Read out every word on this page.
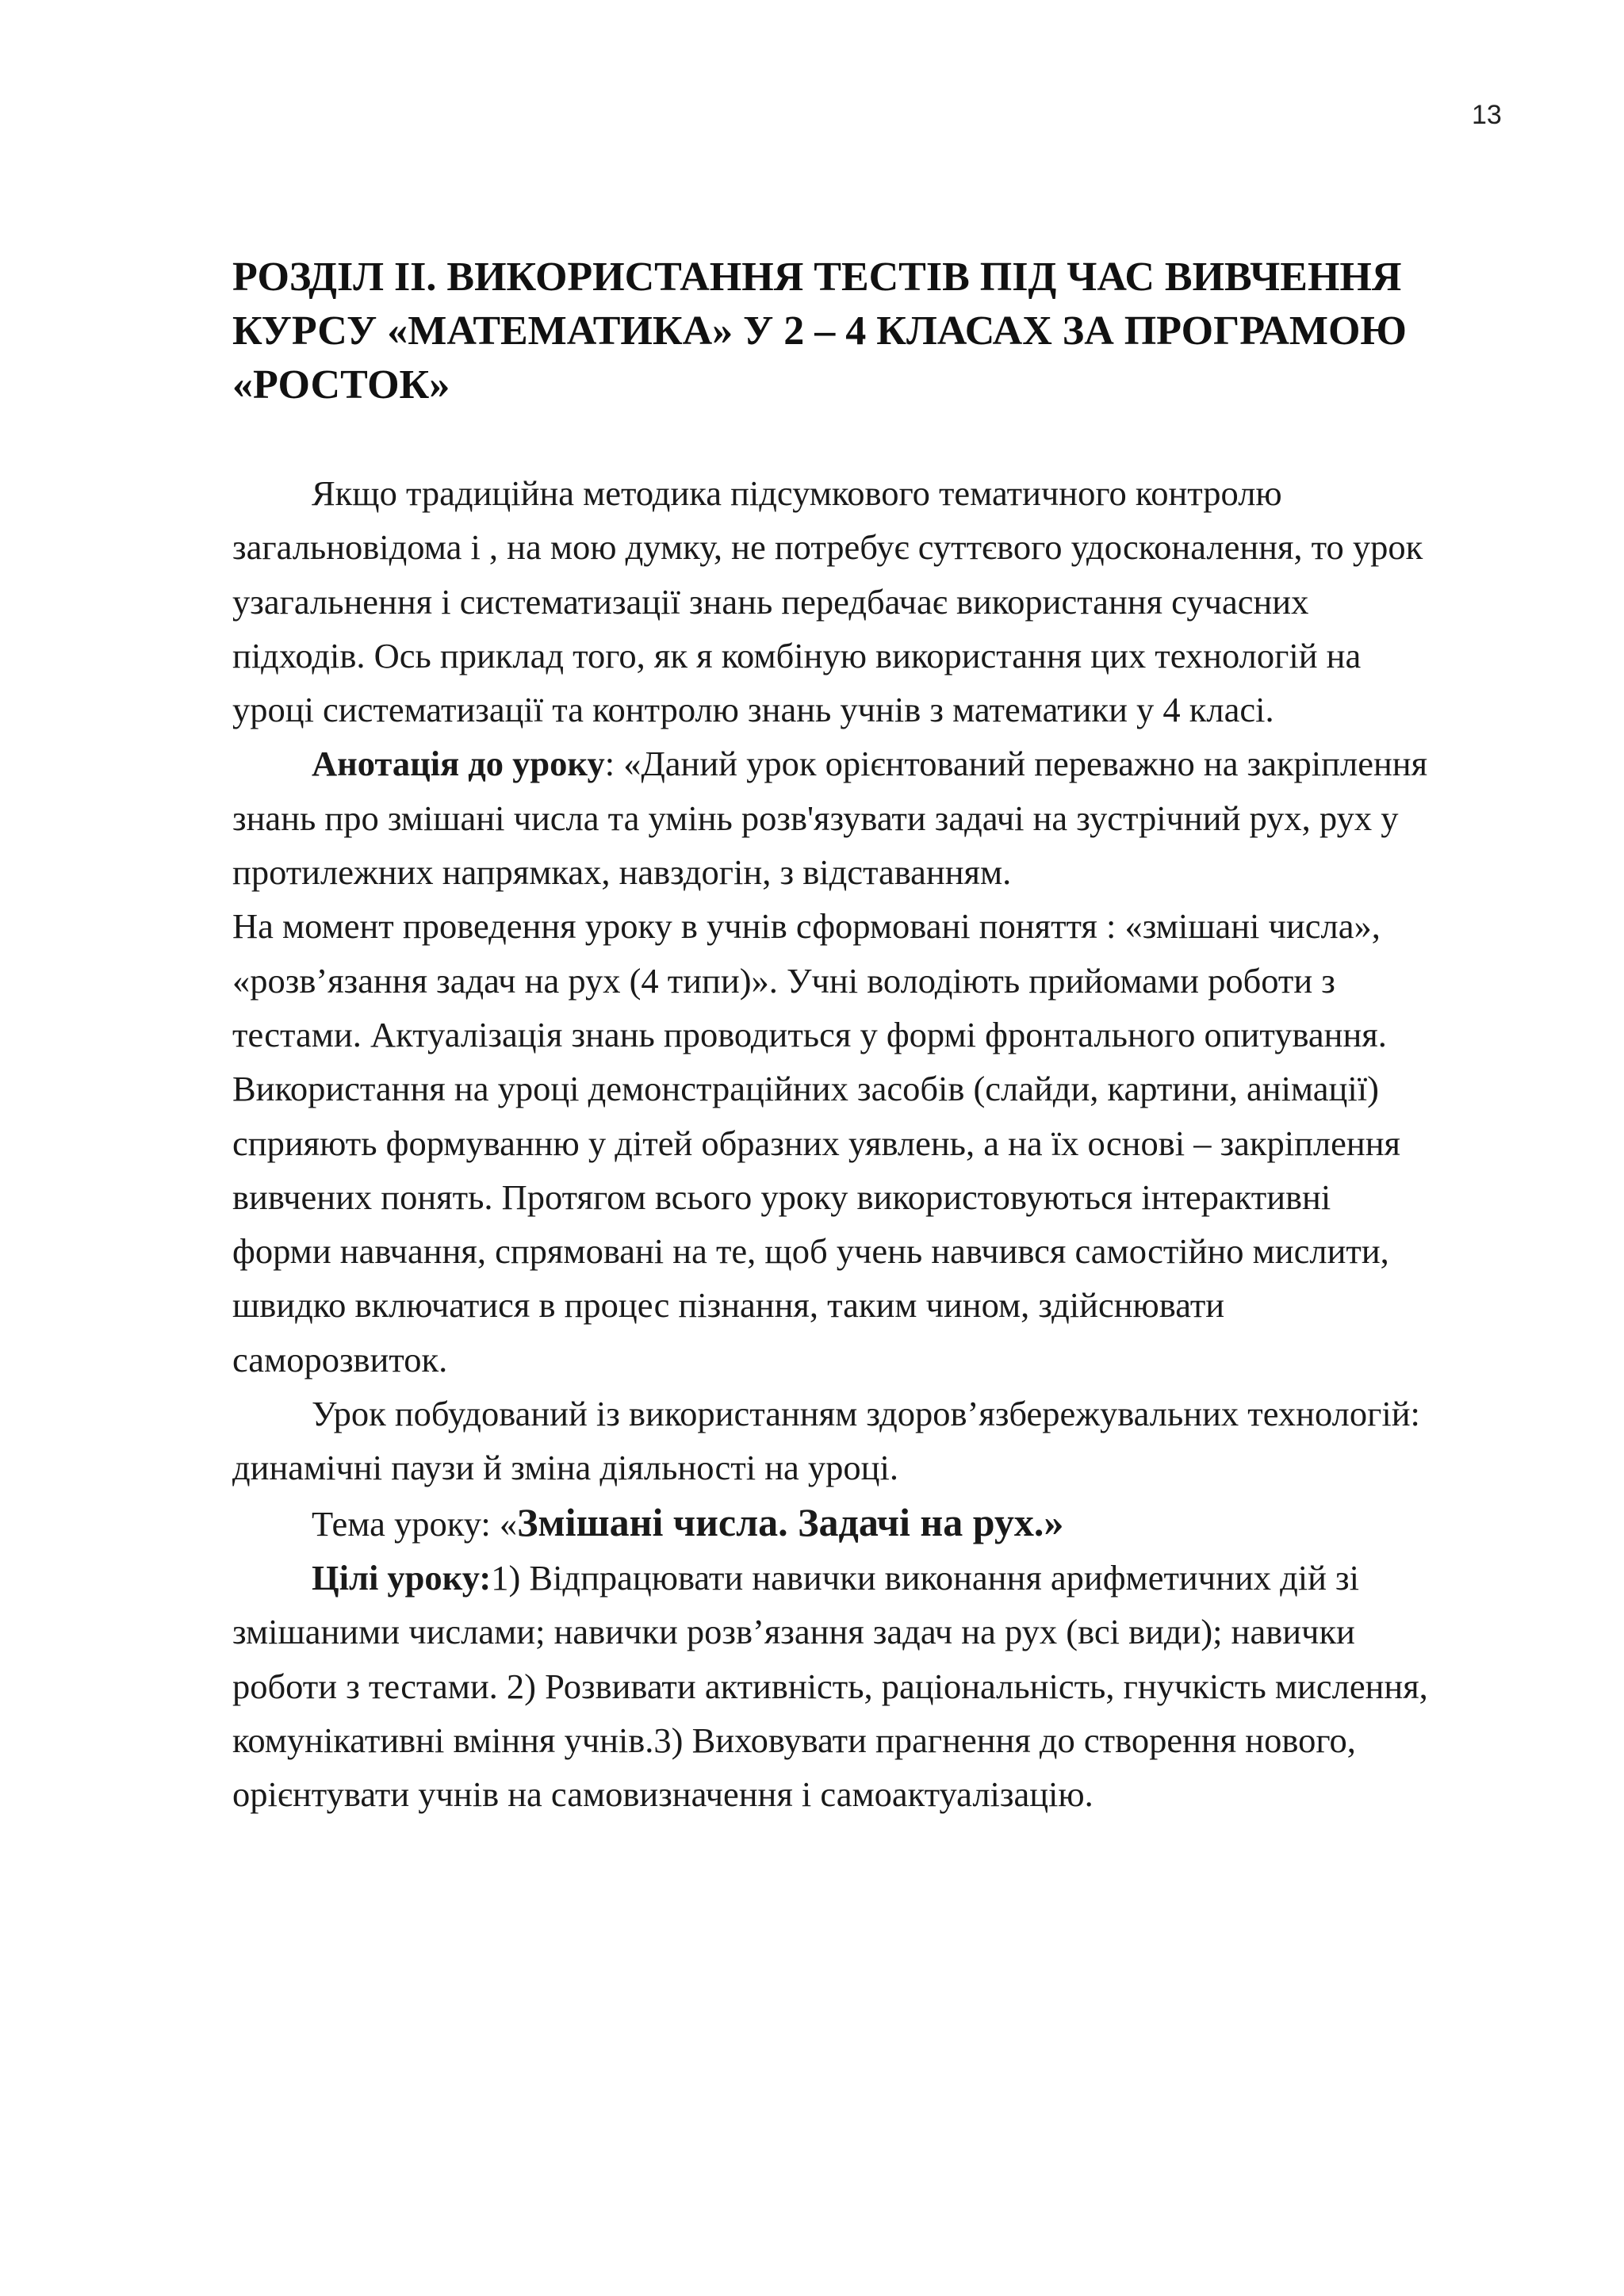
13
РОЗДІЛ ІІ. ВИКОРИСТАННЯ ТЕСТІВ ПІД ЧАС ВИВЧЕННЯ
КУРСУ «МАТЕМАТИКА» У 2 – 4 КЛАСАХ ЗА ПРОГРАМОЮ
«РОСТОК»

Якщо традиційна методика підсумкового тематичного контролю
загальновідома і , на мою думку, не потребує суттєвого удосконалення, то урок
узагальнення і систематизації знань передбачає використання сучасних
підходів. Ось приклад того, як я комбіную використання цих технологій на
уроці систематизації та контролю знань учнів з математики у 4 класі.

Анотація до уроку: «Даний урок орієнтований переважно на закріплення
знань про змішані числа та умінь розв'язувати задачі на зустрічний рух, рух у
протилежних напрямках, навздогін, з відставанням.

На момент проведення уроку в учнів сформовані поняття : «змішані числа»,
«розв’язання задач на рух (4 типи)». Учні володіють прийомами роботи з
тестами. Актуалізація знань проводиться у формі фронтального опитування.
Використання на уроці демонстраційних засобів (слайди, картини, анімації)
сприяють формуванню у дітей образних уявлень, а на їх основі – закріплення
вивчених понять. Протягом всього уроку використовуються інтерактивні
форми навчання, спрямовані на те, щоб учень навчився самостійно мислити,
швидко включатися в процес пізнання, таким чином, здійснювати
саморозвиток.

Урок побудований із використанням здоров’язбережувальних технологій:
динамічні паузи й зміна діяльності на уроці.

Тема уроку: «Змішані числа. Задачі на рух.»

Цілі уроку:1) Відпрацювати навички виконання арифметичних дій зі
змішаними числами; навички розв’язання задач на рух (всі види); навички
роботи з тестами. 2) Розвивати активність, раціональність, гнучкість мислення,
комунікативні вміння учнів.3) Виховувати прагнення до створення нового,
орієнтувати учнів на самовизначення і самоактуалізацію.
